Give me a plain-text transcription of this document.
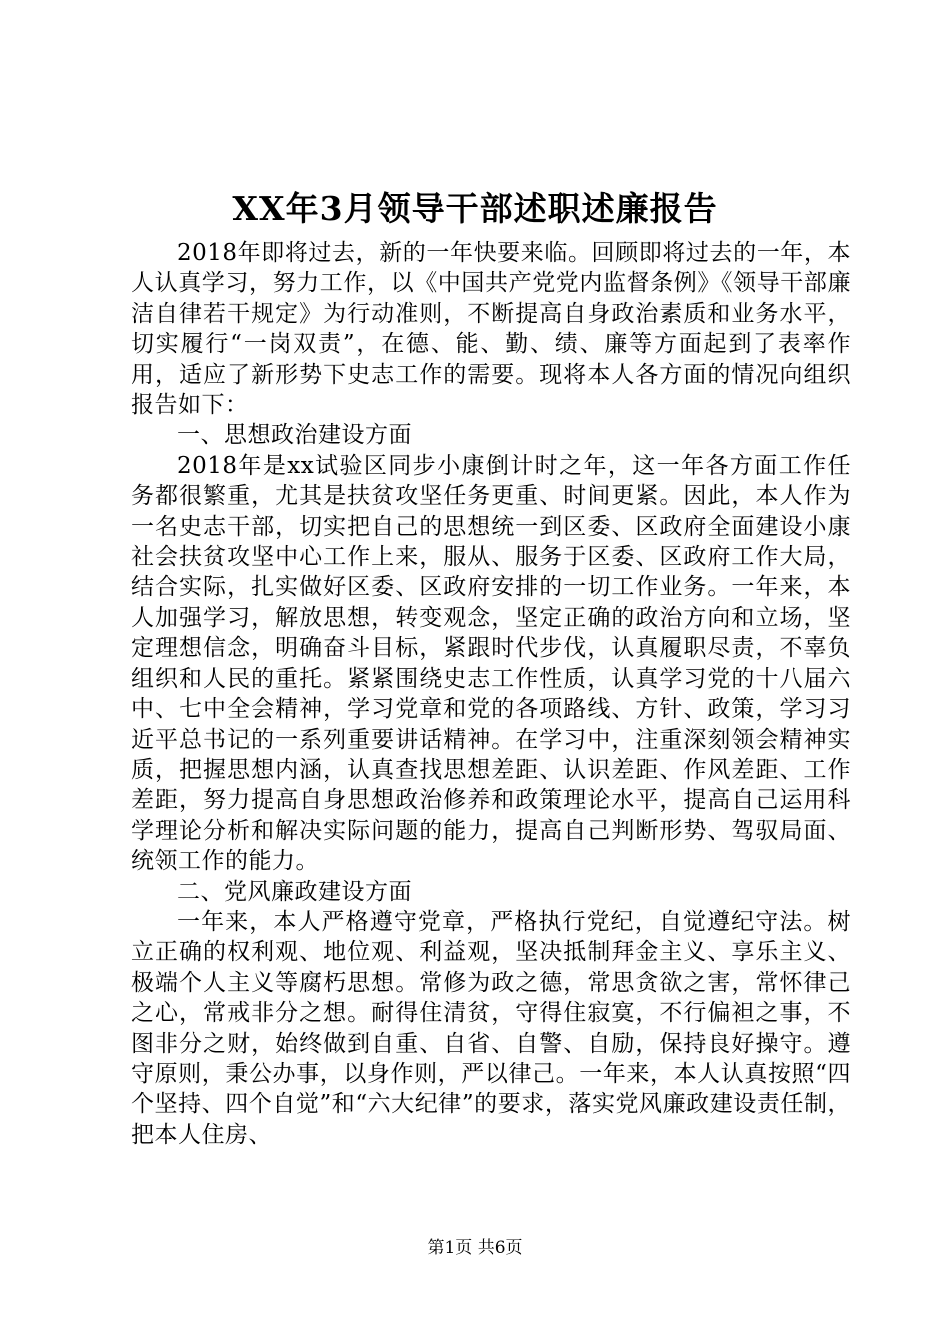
XX年3月领导干部述职述廉报告

2018年即将过去，新的一年快要来临。回顾即将过去的一年，本人认真学习，努力工作，以《中国共产党党内监督条例》《领导干部廉洁自律若干规定》为行动准则，不断提高自身政治素质和业务水平，切实履行“一岗双责”，在德、能、勤、绩、廉等方面起到了表率作用，适应了新形势下史志工作的需要。现将本人各方面的情况向组织报告如下：

一、思想政治建设方面

2018年是xx试验区同步小康倒计时之年，这一年各方面工作任务都很繁重，尤其是扶贫攻坚任务更重、时间更紧。因此，本人作为一名史志干部，切实把自己的思想统一到区委、区政府全面建设小康社会扶贫攻坚中心工作上来，服从、服务于区委、区政府工作大局，结合实际，扎实做好区委、区政府安排的一切工作业务。一年来，本人加强学习，解放思想，转变观念，坚定正确的政治方向和立场，坚定理想信念，明确奋斗目标，紧跟时代步伐，认真履职尽责，不辜负组织和人民的重托。紧紧围绕史志工作性质，认真学习党的十八届六中、七中全会精神，学习党章和党的各项路线、方针、政策，学习习近平总书记的一系列重要讲话精神。在学习中，注重深刻领会精神实质，把握思想内涵，认真查找思想差距、认识差距、作风差距、工作差距，努力提高自身思想政治修养和政策理论水平，提高自己运用科学理论分析和解决实际问题的能力，提高自己判断形势、驾驭局面、统领工作的能力。

二、党风廉政建设方面

一年来，本人严格遵守党章，严格执行党纪，自觉遵纪守法。树立正确的权利观、地位观、利益观，坚决抵制拜金主义、享乐主义、极端个人主义等腐朽思想。常修为政之德，常思贪欲之害，常怀律己之心，常戒非分之想。耐得住清贫，守得住寂寞，不行偏袒之事，不图非分之财，始终做到自重、自省、自警、自励，保持良好操守。遵守原则，秉公办事，以身作则，严以律己。一年来，本人认真按照“四个坚持、四个自觉”和“六大纪律”的要求，落实党风廉政建设责任制，把本人住房、

第1页 共6页
